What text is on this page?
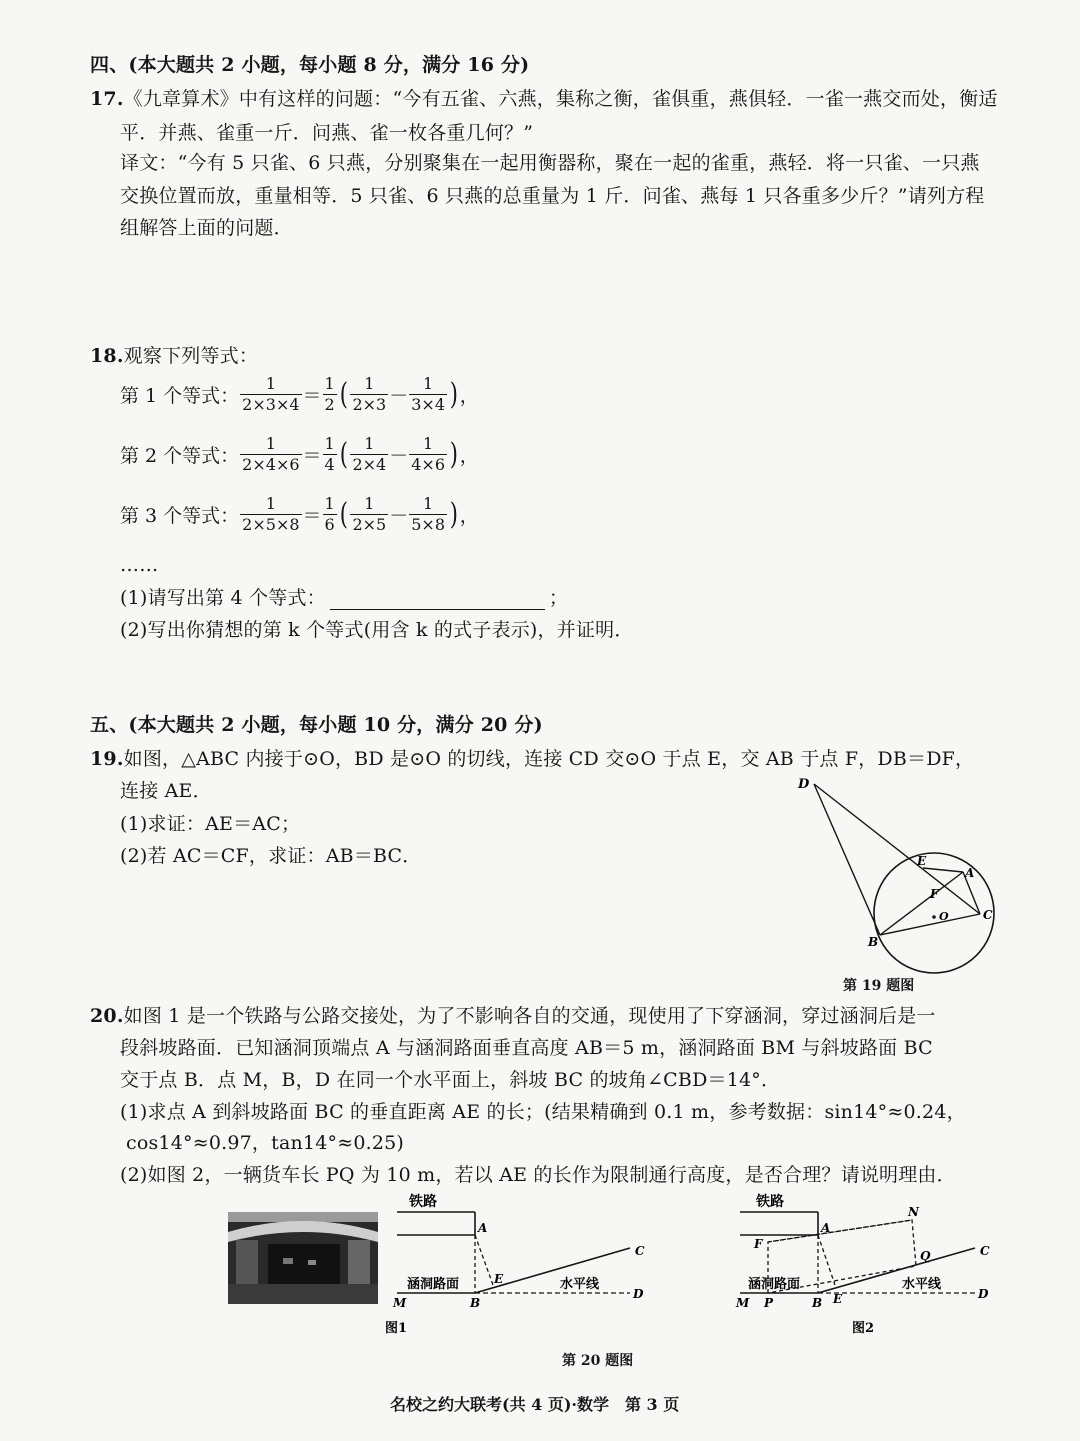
四、(本大题共 2 小题，每小题 8 分，满分 16 分)
17.《九章算术》中有这样的问题：“今有五雀、六燕，集称之衡，雀俱重，燕俱轻．一雀一燕交而处，衡适
平．并燕、雀重一斤．问燕、雀一枚各重几何？”
译文：“今有 5 只雀、6 只燕，分别聚集在一起用衡器称，聚在一起的雀重，燕轻．将一只雀、一只燕
交换位置而放，重量相等．5 只雀、6 只燕的总重量为 1 斤．问雀、燕每 1 只各重多少斤？”请列方程
组解答上面的问题．
18.观察下列等式：
第 1 个等式： $\frac{1}{2\times 3\times 4} = \frac{1}{2}$ ( $\frac{1}{2\times 3} - \frac{1}{3\times 4}$ ) ，
第 2 个等式： $\frac{1}{2\times 4\times 6} = \frac{1}{4}$ ( $\frac{1}{2\times 4} - \frac{1}{4\times 6}$ ) ，
第 3 个等式： $\frac{1}{2\times 5\times 8} = \frac{1}{6}$ ( $\frac{1}{2\times 5} - \frac{1}{5\times 8}$ ) ，
……
(1)请写出第 4 个等式：	；
(2)写出你猜想的第 k 个等式(用含 k 的式子表示)，并证明．
五、(本大题共 2 小题，每小题 10 分，满分 20 分)
19.如图，△ABC 内接于⊙O，BD 是⊙O 的切线，连接 CD 交⊙O 于点 E，交 AB 于点 F，DB＝DF，
连接 AE．
(1)求证：AE＝AC；
(2)若 AC＝CF，求证：AB＝BC．
D
E
A
F
O	C
B
第 19 题图
20.如图 1 是一个铁路与公路交接处，为了不影响各自的交通，现使用了下穿涵洞，穿过涵洞后是一
段斜坡路面．已知涵洞顶端点 A 与涵洞路面垂直高度 AB＝5 m，涵洞路面 BM 与斜坡路面 BC
交于点 B．点 M，B，D 在同一个水平面上，斜坡 BC 的坡角∠CBD＝14°．
(1)求点 A 到斜坡路面 BC 的垂直距离 AE 的长；(结果精确到 0.1 m，参考数据：sin14°≈0.24，
cos14°≈0.97，tan14°≈0.25)
(2)如图 2，一辆货车长 PQ 为 10 m，若以 AE 的长作为限制通行高度，是否合理？请说明理由．
铁路
涵洞路面	水平线
A
B
C
D
E
M
图1
铁路
涵洞路面	水平线
A
B
C
D
E
M P
Q
F
N
图2
第 20 题图
名校之约大联考(共 4 页)·数学　第 3 页
